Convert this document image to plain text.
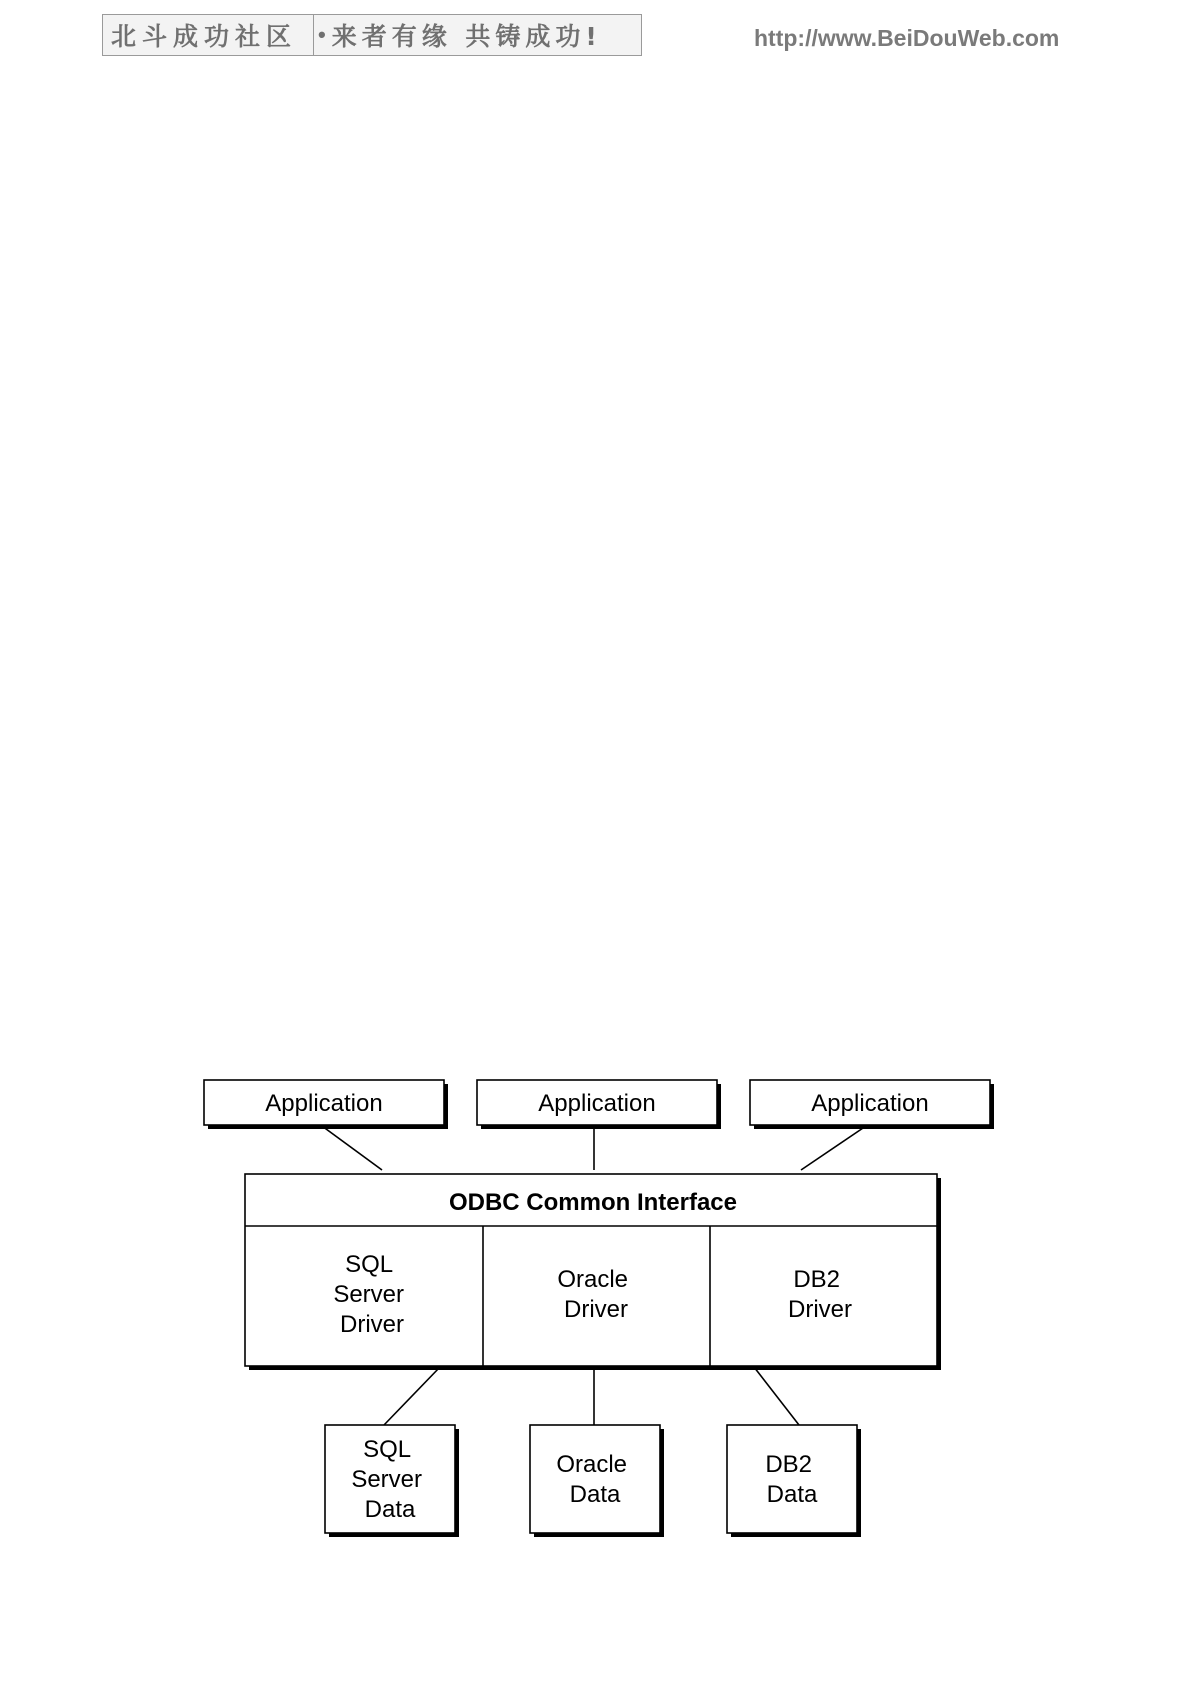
北斗成功社区 • 来者有缘 共铸成功!	http://www.BeiDouWeb.com
Application	Application	Application
ODBC Common Interface
SQL Server Driver
Oracle Driver
DB2 Driver
SQL Server Data
Oracle Data
DB2 Data
